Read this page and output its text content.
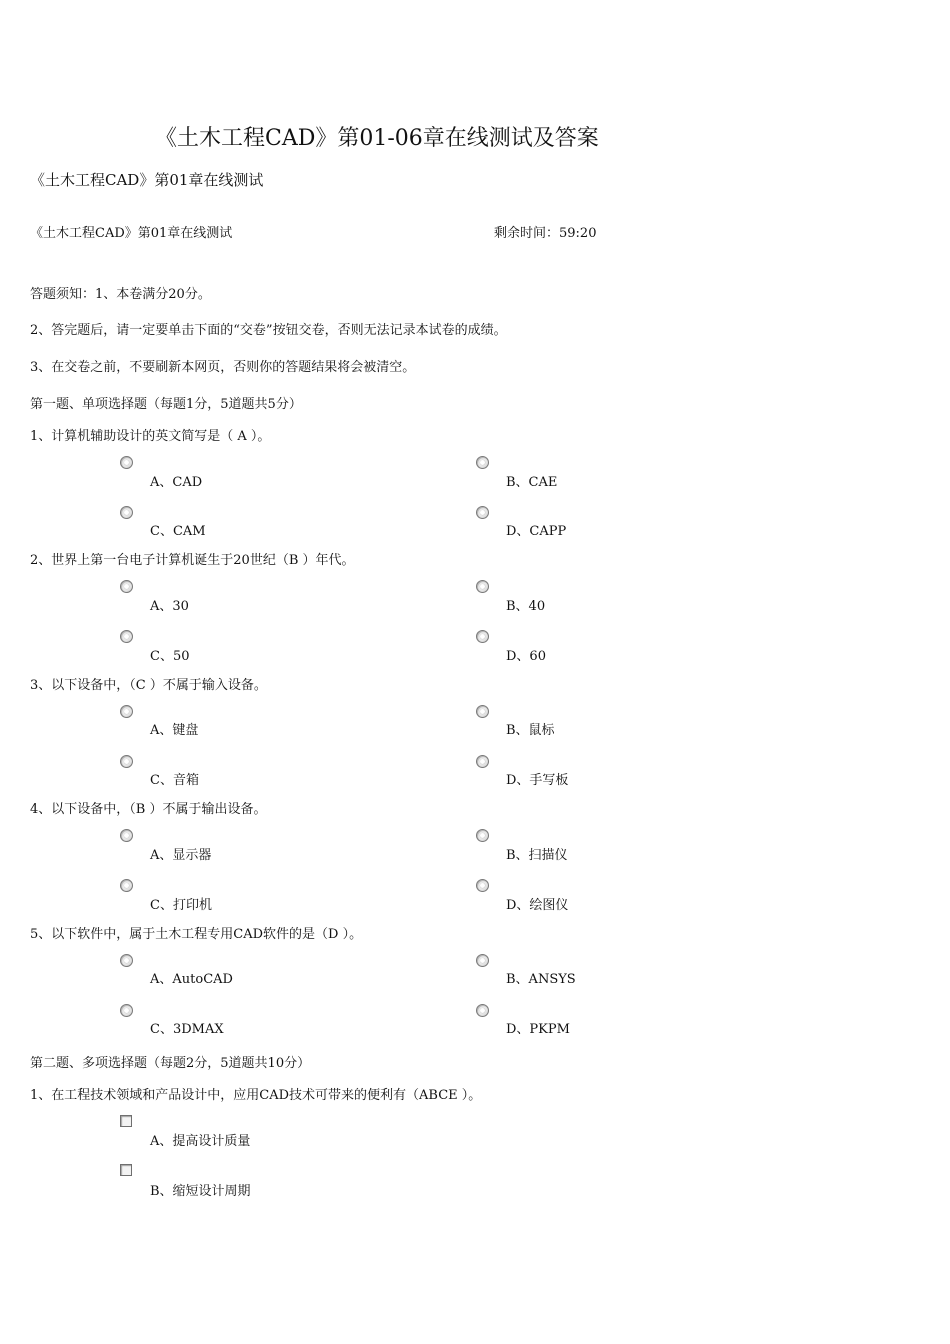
《土木工程CAD》第01-06章在线测试及答案
《土木工程CAD》第01章在线测试
《土木工程CAD》第01章在线测试	剩余时间：59:20
答题须知：1、本卷满分20分。
2、答完题后，请一定要单击下面的“交卷”按钮交卷，否则无法记录本试卷的成绩。
3、在交卷之前，不要刷新本网页，否则你的答题结果将会被清空。
第一题、单项选择题（每题1分，5道题共5分）
1、计算机辅助设计的英文简写是（ A ）。
A、CAD	B、CAE
C、CAM	D、CAPP
2、世界上第一台电子计算机诞生于20世纪（B ）年代。
A、30	B、40
C、50	D、60
3、以下设备中，（C ）不属于输入设备。
A、键盘	B、鼠标
C、音箱	D、手写板
4、以下设备中，（B ）不属于输出设备。
A、显示器	B、扫描仪
C、打印机	D、绘图仪
5、以下软件中，属于土木工程专用CAD软件的是（D ）。
A、AutoCAD	B、ANSYS
C、3DMAX	D、PKPM
第二题、多项选择题（每题2分，5道题共10分）
1、在工程技术领域和产品设计中，应用CAD技术可带来的便利有（ABCE ）。
A、提高设计质量
B、缩短设计周期
